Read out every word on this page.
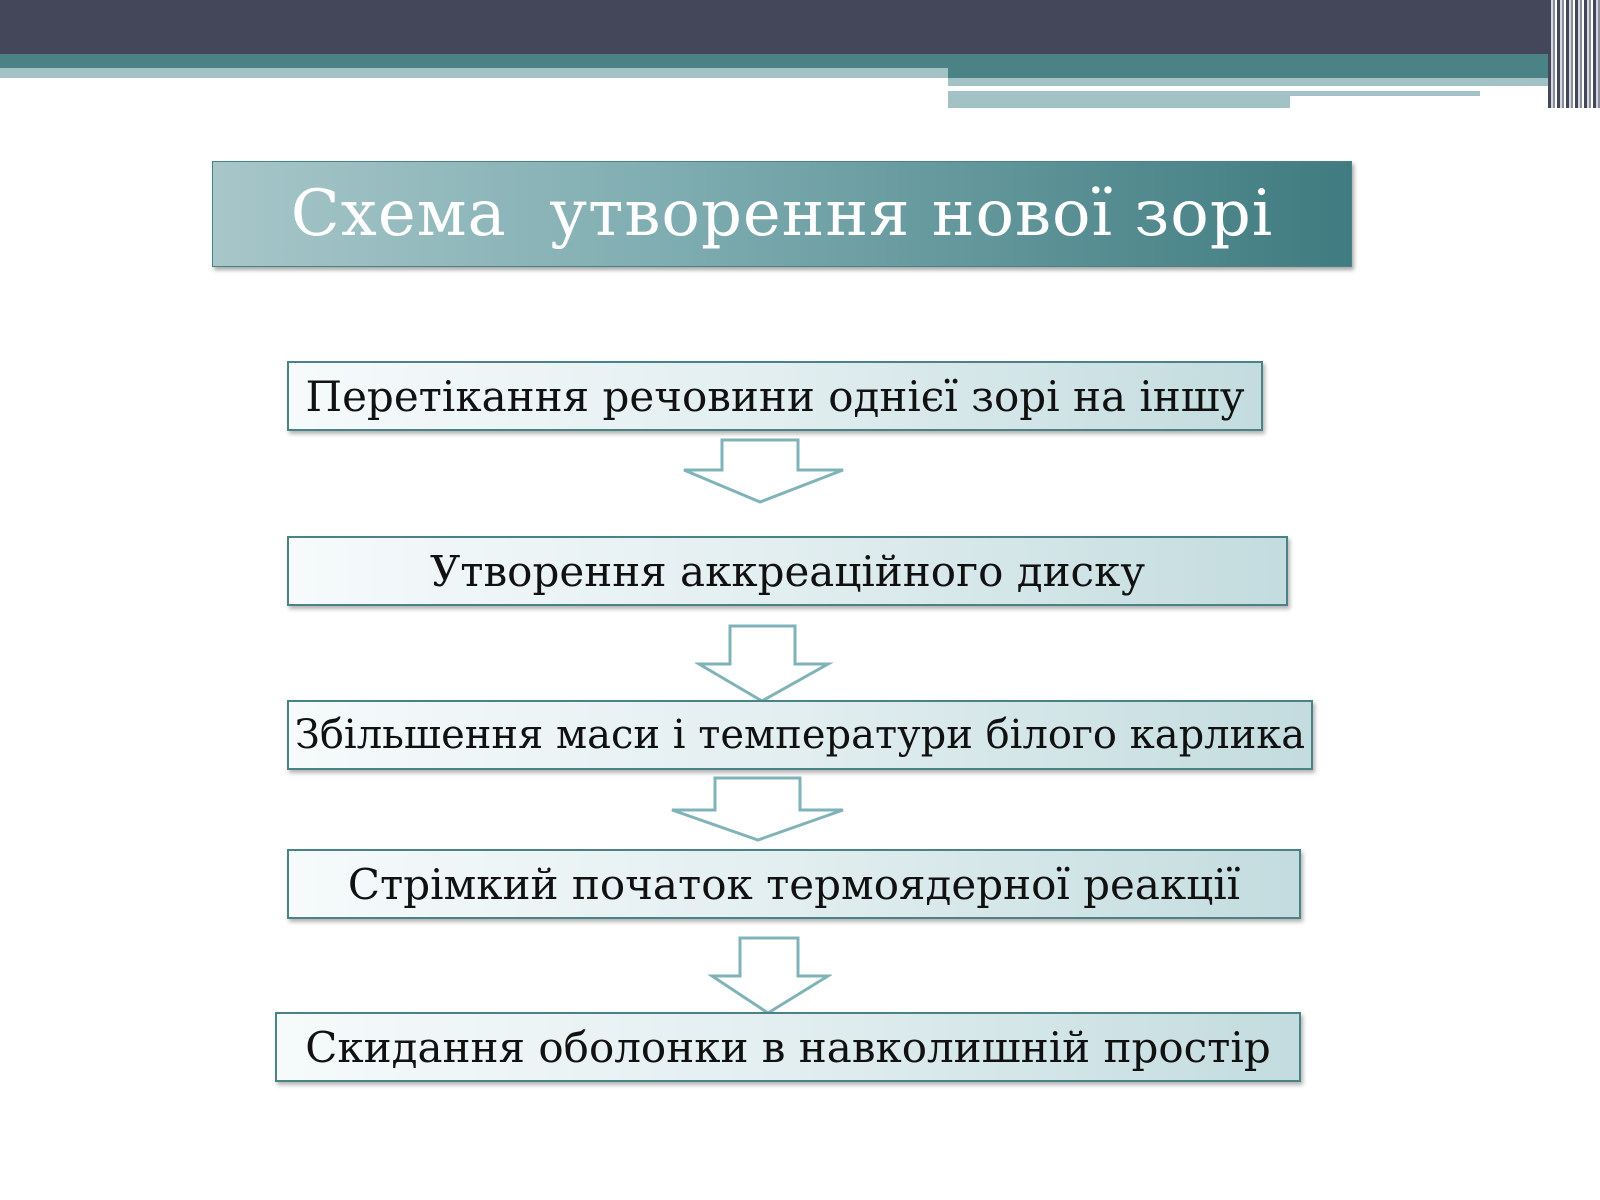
Схема  утворення нової зорі
Перетікання речовини однієї зорі на іншу
Утворення аккреаційного диску
Збільшення маси і температури білого карлика
Стрімкий початок термоядерної реакції
Скидання оболонки в навколишній простір
